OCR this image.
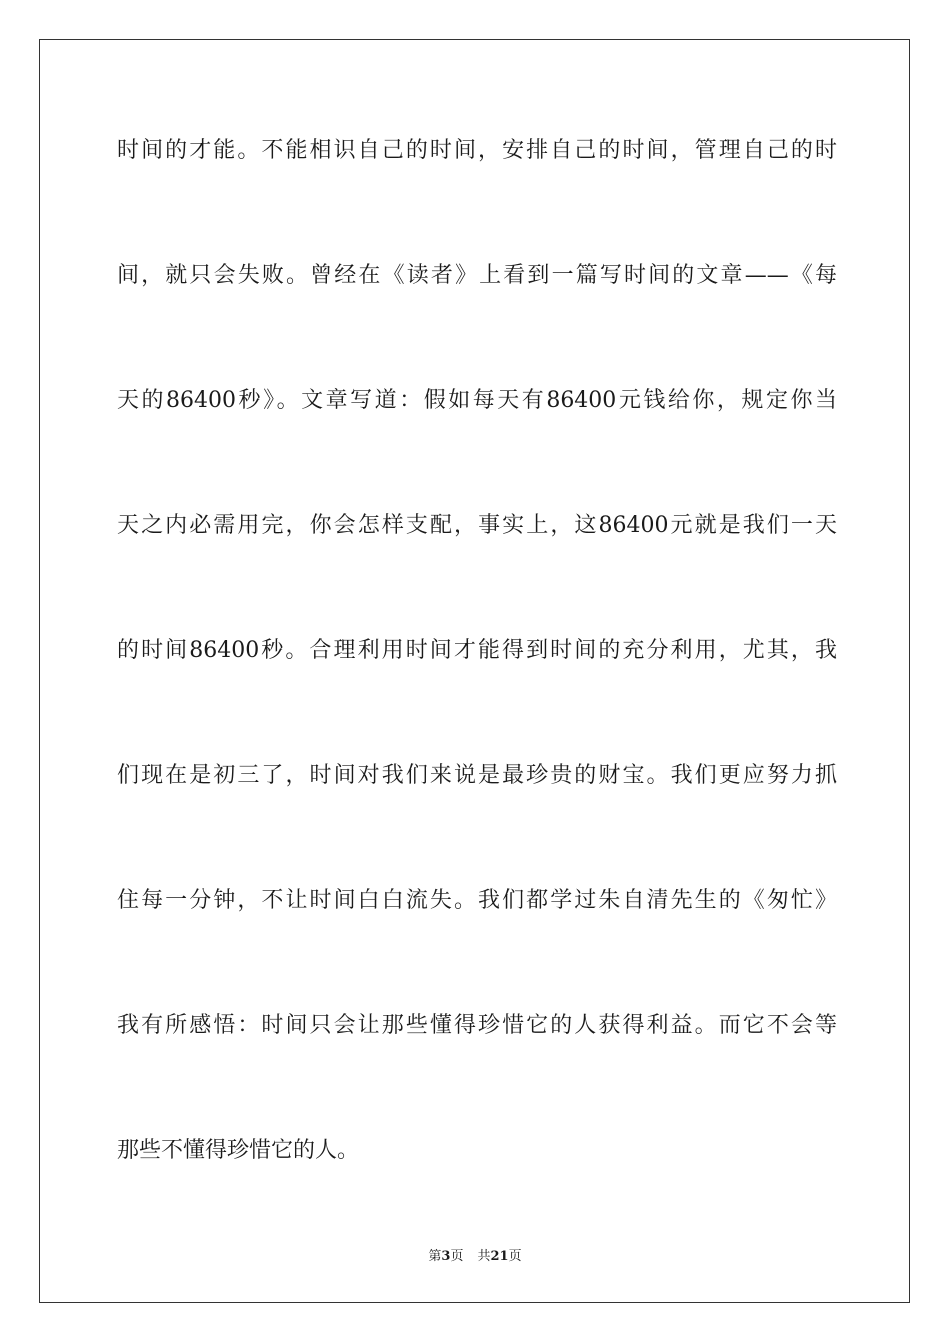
时间的才能。不能相识自己的时间，安排自己的时间，管理自己的时
间，就只会失败。曾经在《读者》上看到一篇写时间的文章——《每
天的86400秒》。文章写道：假如每天有86400元钱给你，规定你当
天之内必需用完，你会怎样支配，事实上，这86400元就是我们一天
的时间86400秒。合理利用时间才能得到时间的充分利用，尤其，我
们现在是初三了，时间对我们来说是最珍贵的财宝。我们更应努力抓
住每一分钟，不让时间白白流失。我们都学过朱自清先生的《匆忙》
我有所感悟：时间只会让那些懂得珍惜它的人获得利益。而它不会等
那些不懂得珍惜它的人。
第3页 共21页
